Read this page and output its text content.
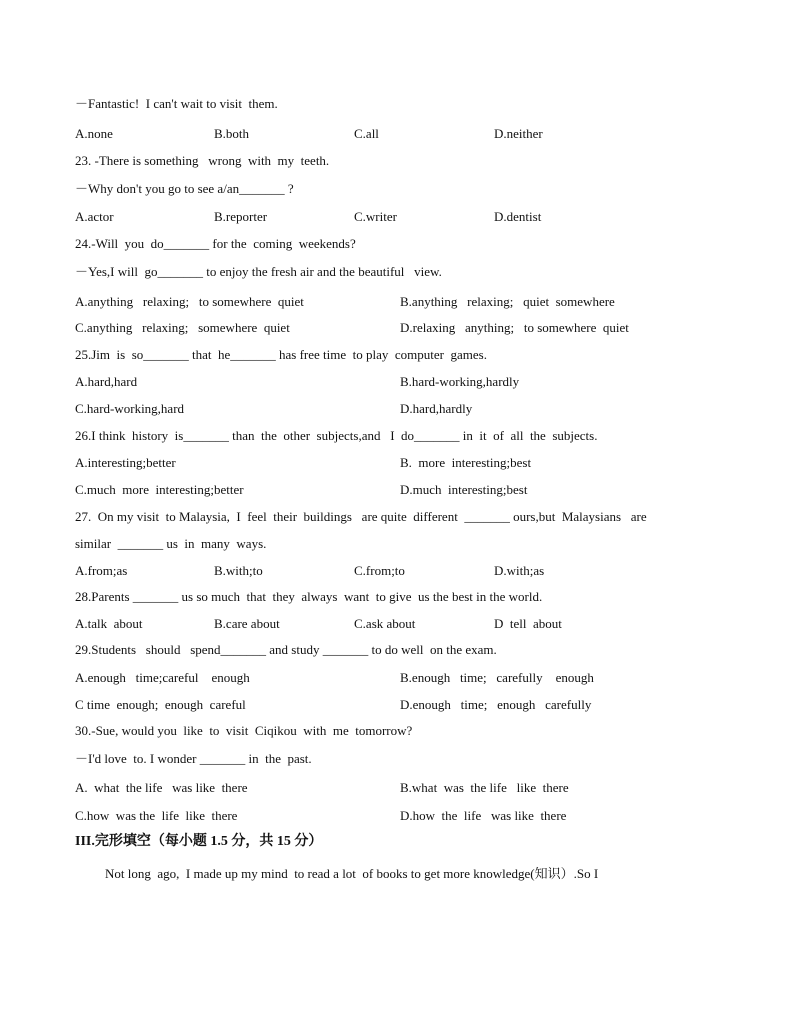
－Fantastic!  I can't wait to visit  them.
A.none	B.both	C.all	D.neither
23. -There is something   wrong  with  my  teeth.
－Why don't you go to see a/an_______ ?
A.actor	B.reporter	C.writer	D.dentist
24.-Will  you  do_______ for the  coming  weekends?
－Yes,I will  go_______ to enjoy the fresh air and the beautiful   view.
A.anything   relaxing;   to somewhere  quiet	B.anything   relaxing;   quiet  somewhere
C.anything   relaxing;   somewhere  quiet	D.relaxing   anything;   to somewhere  quiet
25.Jim  is  so_______ that  he_______ has free time  to play  computer  games.
A.hard,hard	B.hard-working,hardly
C.hard-working,hard	D.hard,hardly
26.I think  history  is_______ than  the  other  subjects,and   I  do_______ in  it  of  all  the  subjects.
A.interesting;better	B.  more  interesting;best
C.much  more  interesting;better	D.much  interesting;best
27.  On my visit  to Malaysia,  I  feel  their  buildings   are quite  different  _______ ours,but  Malaysians   are
similar  _______ us  in  many  ways.
A.from;as	B.with;to	C.from;to	D.with;as
28.Parents _______ us so much  that  they  always  want  to give  us the best in the world.
A.talk  about	B.care about	C.ask about	D  tell  about
29.Students   should   spend_______ and study _______ to do well  on the exam.
A.enough   time;careful    enough	B.enough   time;   carefully    enough
C time  enough;  enough  careful	D.enough   time;   enough   carefully
30.-Sue, would you  like  to  visit  Ciqikou  with  me  tomorrow?
－I'd love  to. I wonder _______ in  the  past.
A.  what  the life   was like  there	B.what  was  the life   like  there
C.how  was the  life  like  there	D.how  the  life   was like  there
III.完形填空（每小题 1.5 分，共 15 分）
Not long  ago,  I made up my mind  to read a lot  of books to get more knowledge(知识）.So I
